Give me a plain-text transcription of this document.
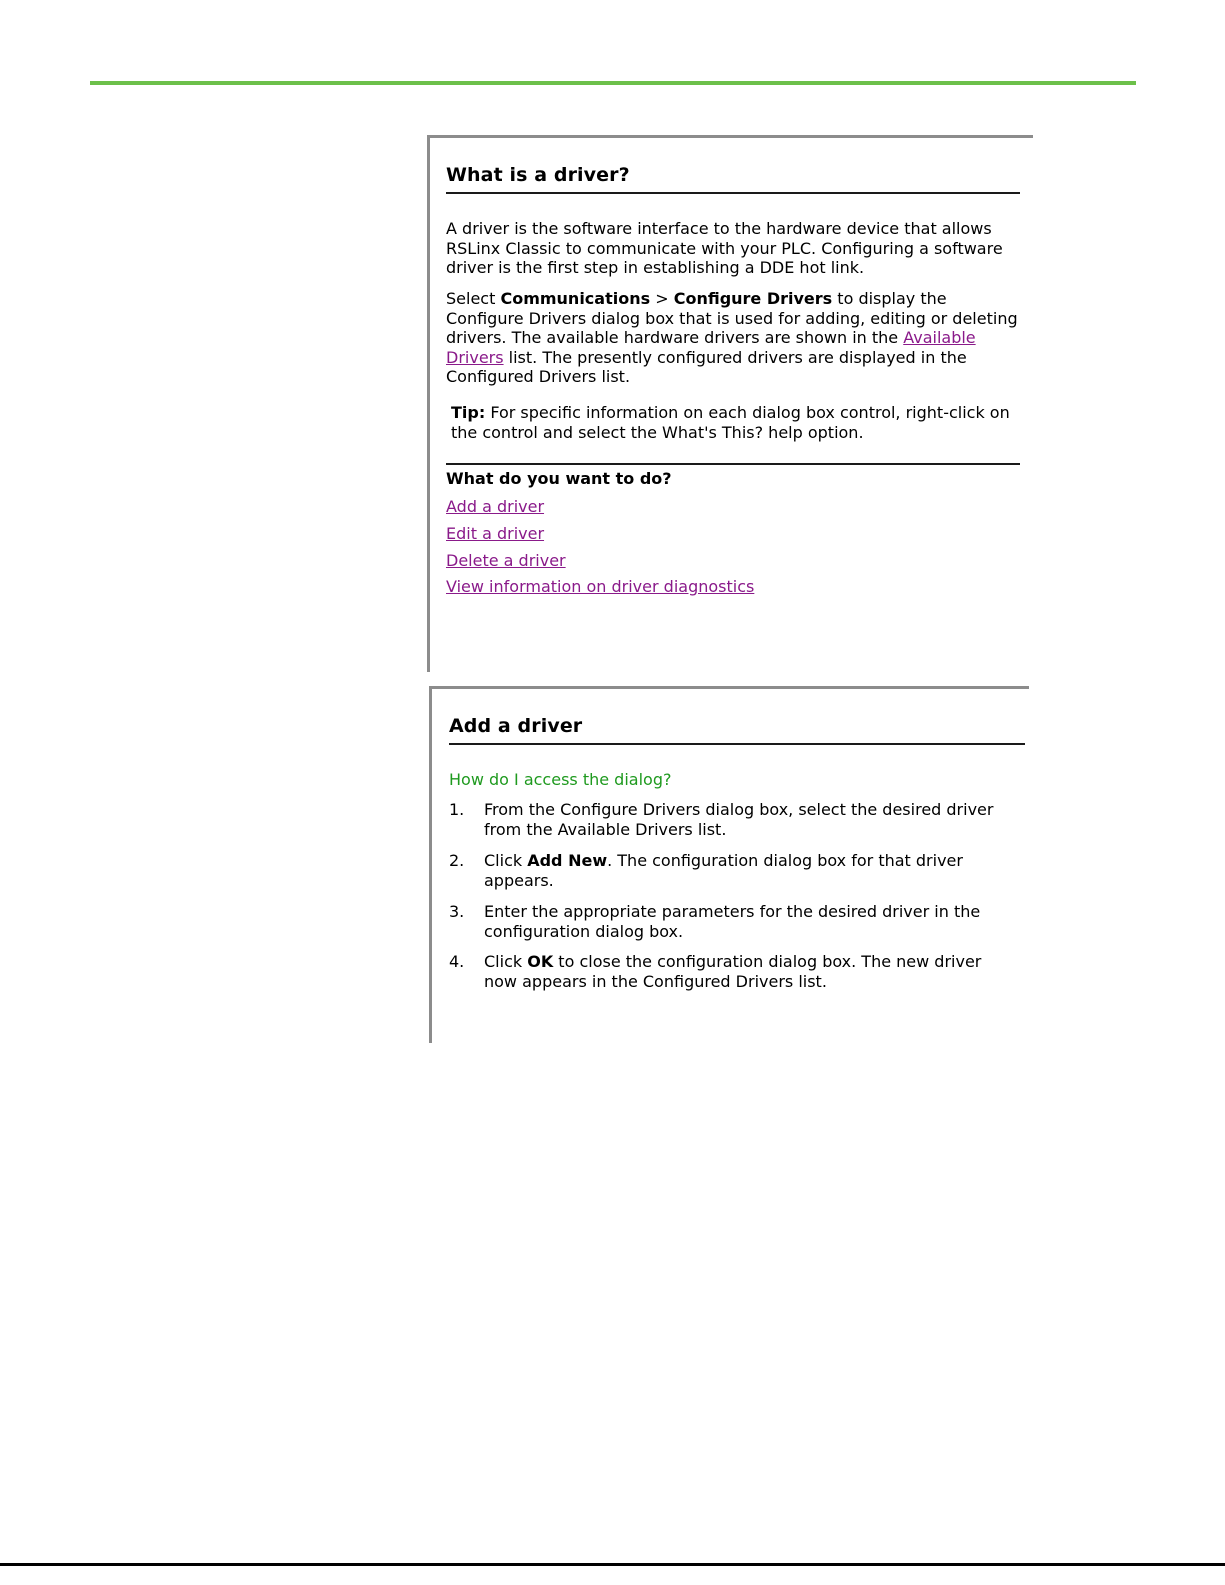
What is a driver?
A driver is the software interface to the hardware device that allows RSLinx Classic to communicate with your PLC. Configuring a software driver is the first step in establishing a DDE hot link.
Select Communications > Configure Drivers to display the Configure Drivers dialog box that is used for adding, editing or deleting drivers. The available hardware drivers are shown in the Available Drivers list. The presently configured drivers are displayed in the Configured Drivers list.
Tip: For specific information on each dialog box control, right-click on the control and select the What's This? help option.
What do you want to do?
Add a driver
Edit a driver
Delete a driver
View information on driver diagnostics
Add a driver
How do I access the dialog?
1. From the Configure Drivers dialog box, select the desired driver from the Available Drivers list.
2. Click Add New. The configuration dialog box for that driver appears.
3. Enter the appropriate parameters for the desired driver in the configuration dialog box.
4. Click OK to close the configuration dialog box. The new driver now appears in the Configured Drivers list.
